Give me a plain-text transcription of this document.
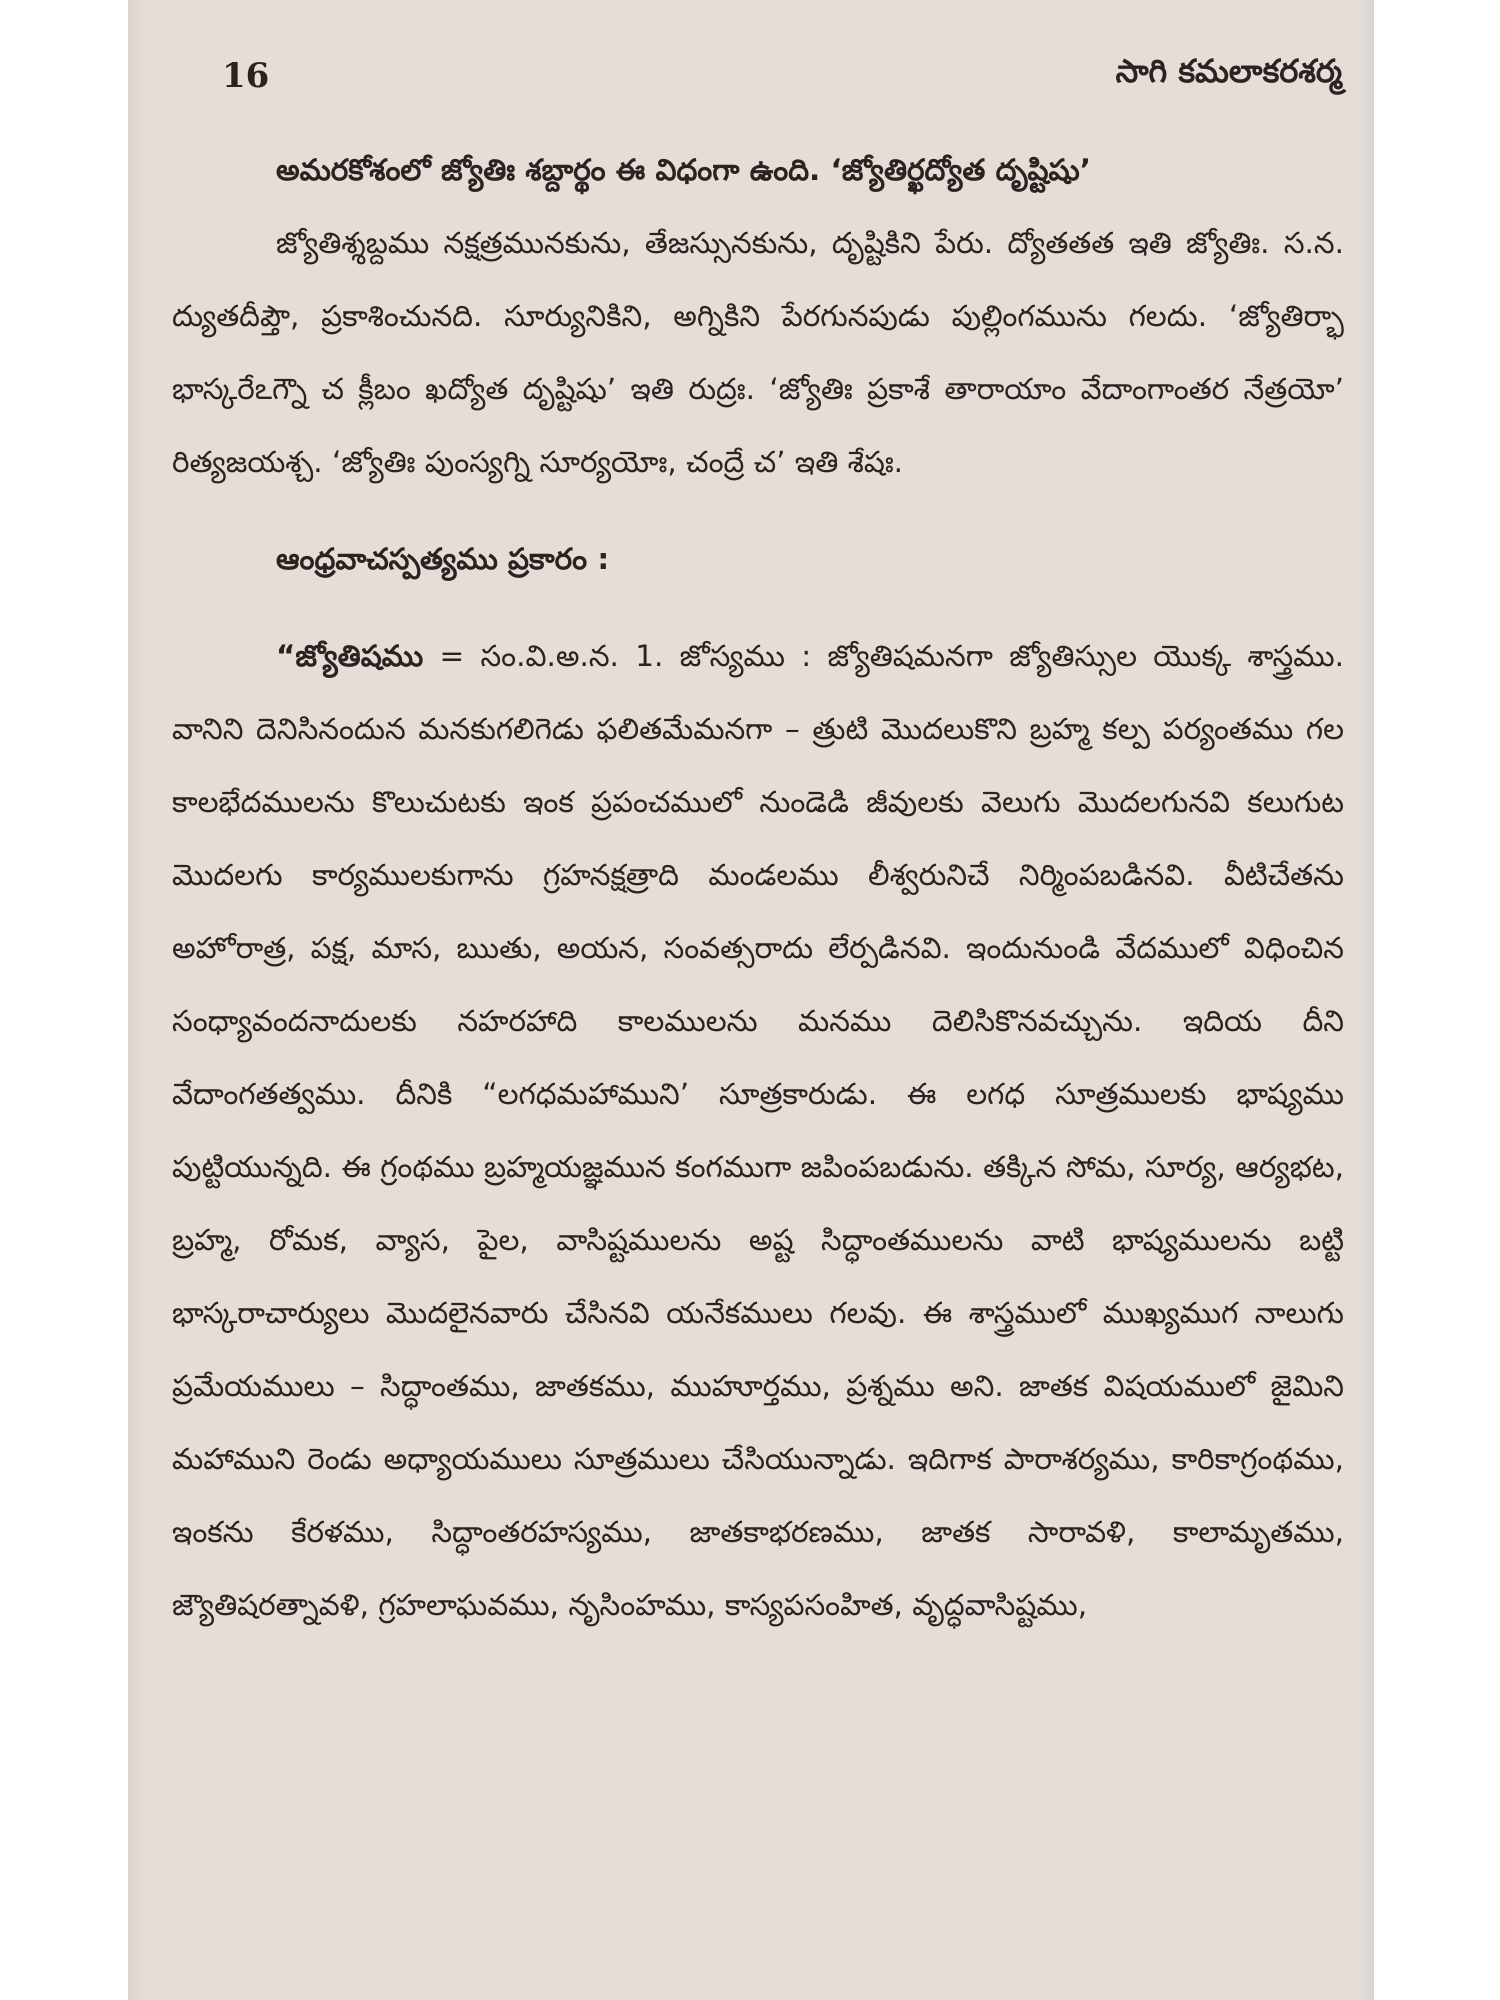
16	సాగి కమలాకరశర్మ

అమరకోశంలో జ్యోతిః శబ్దార్థం ఈ విధంగా ఉంది. ‘జ్యోతిర్ఖద్యోత దృష్టిషు’

జ్యోతిశ్శబ్దము నక్షత్రమునకును, తేజస్సునకును, దృష్టికిని పేరు. ద్యోతతత ఇతి జ్యోతిః. స.న. ద్యుతదీప్తౌ, ప్రకాశించునది. సూర్యునికిని, అగ్నికిని పేరగునపుడు పుల్లింగమును గలదు. ‘జ్యోతిర్భా భాస్కరేఽగ్నౌ చ క్లీబం ఖద్యోత దృష్టిషు’ ఇతి రుద్రః. ‘జ్యోతిః ప్రకాశే తారాయాం వేదాంగాంతర నేత్రయో’ రిత్యజయశ్చ. ‘జ్యోతిః పుంస్యగ్ని సూర్యయోః, చంద్రే చ’ ఇతి శేషః.

ఆంధ్రవాచస్పత్యము ప్రకారం :

“జ్యోతిషము = సం.వి.అ.న. 1. జోస్యము : జ్యోతిషమనగా జ్యోతిస్సుల యొక్క శాస్త్రము. వానిని దెనిసినందున మనకుగలిగెడు ఫలితమేమనగా – త్రుటి మొదలుకొని బ్రహ్మ కల్ప పర్యంతము గల కాలభేదములను కొలుచుటకు ఇంక ప్రపంచములో నుండెడి జీవులకు వెలుగు మొదలగునవి కలుగుట మొదలగు కార్యములకుగాను గ్రహనక్షత్రాది మండలము లీశ్వరునిచే నిర్మింపబడినవి. వీటిచేతను అహోరాత్ర, పక్ష, మాస, ఋతు, అయన, సంవత్సరాదు లేర్పడినవి. ఇందునుండి వేదములో విధించిన సంధ్యావందనాదులకు నహరహాది కాలములను మనము దెలిసికొనవచ్చును. ఇదియ దీని వేదాంగతత్వము. దీనికి “లగధమహాముని’ సూత్రకారుడు. ఈ లగధ సూత్రములకు భాష్యము పుట్టియున్నది. ఈ గ్రంథము బ్రహ్మయజ్ఞమున కంగముగా జపింపబడును. తక్కిన సోమ, సూర్య, ఆర్యభట, బ్రహ్మ, రోమక, వ్యాస, పైల, వాసిష్టములను అష్ట సిద్ధాంతములను వాటి భాష్యములను బట్టి భాస్కరాచార్యులు మొదలైనవారు చేసినవి యనేకములు గలవు. ఈ శాస్త్రములో ముఖ్యముగ నాలుగు ప్రమేయములు – సిద్ధాంతము, జాతకము, ముహూర్తము, ప్రశ్నము అని. జాతక విషయములో జైమిని మహాముని రెండు అధ్యాయములు సూత్రములు చేసియున్నాడు. ఇదిగాక పారాశర్యము, కారికాగ్రంథము, ఇంకను కేరళము, సిద్ధాంతరహస్యము, జాతకాభరణము, జాతక సారావళి, కాలామృతము, జ్యౌతిషరత్నావళి, గ్రహలాఘవము, నృసింహము, కాస్యపసంహిత, వృద్ధవాసిష్టము,
